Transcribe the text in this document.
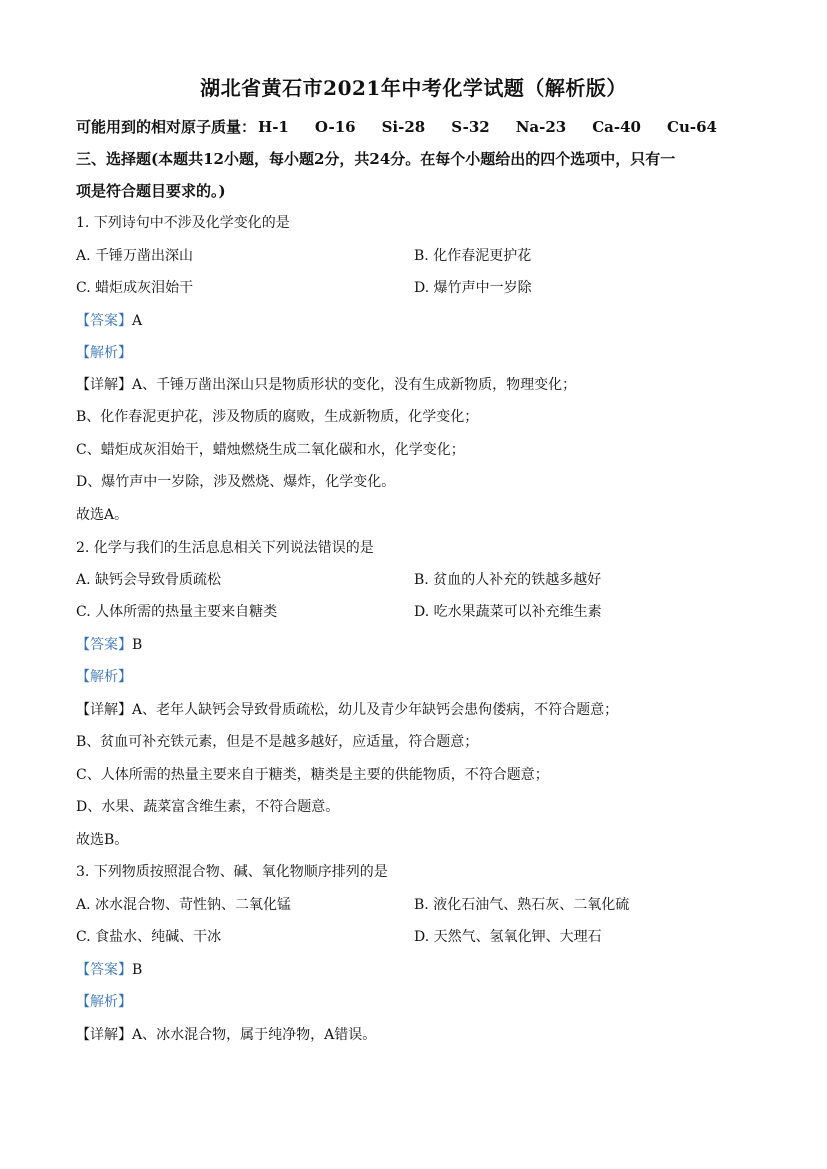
湖北省黄石市2021年中考化学试题（解析版）
可能用到的相对原子质量： H-1 O-16 Si-28 S-32 Na-23 Ca-40 Cu-64
三、选择题(本题共12小题，每小题2分，共24分。在每个小题给出的四个选项中，只有一
项是符合题目要求的。)
1. 下列诗句中不涉及化学变化的是
A. 千锤万凿出深山	B. 化作春泥更护花
C. 蜡炬成灰泪始干	D. 爆竹声中一岁除
【答案】A
【解析】
【详解】A、千锤万凿出深山只是物质形状的变化，没有生成新物质，物理变化；
B、化作春泥更护花，涉及物质的腐败，生成新物质，化学变化；
C、蜡炬成灰泪始干，蜡烛燃烧生成二氧化碳和水，化学变化；
D、爆竹声中一岁除，涉及燃烧、爆炸，化学变化。
故选A。
2. 化学与我们的生活息息相关下列说法错误的是
A. 缺钙会导致骨质疏松	B. 贫血的人补充的铁越多越好
C. 人体所需的热量主要来自糖类	D. 吃水果蔬菜可以补充维生素
【答案】B
【解析】
【详解】A、老年人缺钙会导致骨质疏松，幼儿及青少年缺钙会患佝偻病，不符合题意；
B、贫血可补充铁元素，但是不是越多越好，应适量，符合题意；
C、人体所需的热量主要来自于糖类，糖类是主要的供能物质，不符合题意；
D、水果、蔬菜富含维生素，不符合题意。
故选B。
3. 下列物质按照混合物、碱、氧化物顺序排列的是
A. 冰水混合物、苛性钠、二氧化锰	B. 液化石油气、熟石灰、二氧化硫
C. 食盐水、纯碱、干冰	D. 天然气、氢氧化钾、大理石
【答案】B
【解析】
【详解】A、冰水混合物，属于纯净物，A错误。
